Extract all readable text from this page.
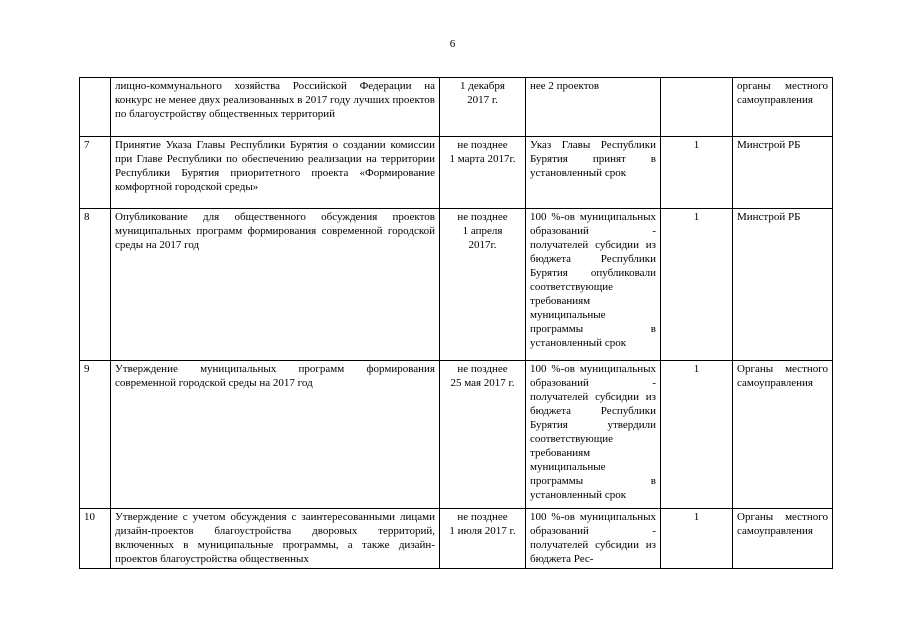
6
	лищно-коммунального хозяйства Российской Федерации на конкурс не менее двух реализованных в 2017 году лучших проектов по благоустройству общественных территорий	1 декабря
2017 г.	нее 2 проектов		органы местного самоуправления
7	Принятие Указа Главы Республики Бурятия о создании комиссии при Главе Республики по обеспечению реализации на территории Республики Бурятия приоритетного проекта «Формирование комфортной городской среды»	не позднее
1 марта 2017г.	Указ Главы Республики Бурятия принят в установленный срок	1	Минстрой РБ
8	Опубликование для общественного обсуждения проектов муниципальных программ формирования современной городской среды на 2017 год	не позднее
1 апреля
2017г.	100 %-ов муниципальных образований - получателей субсидии из бюджета Республики Бурятия опубликовали соответствующие требованиям муниципальные программы в установленный срок	1	Минстрой РБ
9	Утверждение муниципальных программ формирования современной городской среды на 2017 год	не позднее
25 мая 2017 г.	100 %-ов муниципальных образований - получателей субсидии из бюджета Республики Бурятия утвердили соответствующие требованиям муниципальные программы в установленный срок	1	Органы местного самоуправления
10	Утверждение с учетом обсуждения с заинтересованными лицами дизайн-проектов благоустройства дворовых территорий, включенных в муниципальные программы, а также дизайн-проектов благоустройства общественных	не позднее
1 июля 2017 г.	100 %-ов муниципальных образований - получателей субсидии из бюджета Рес-	1	Органы местного самоуправления
